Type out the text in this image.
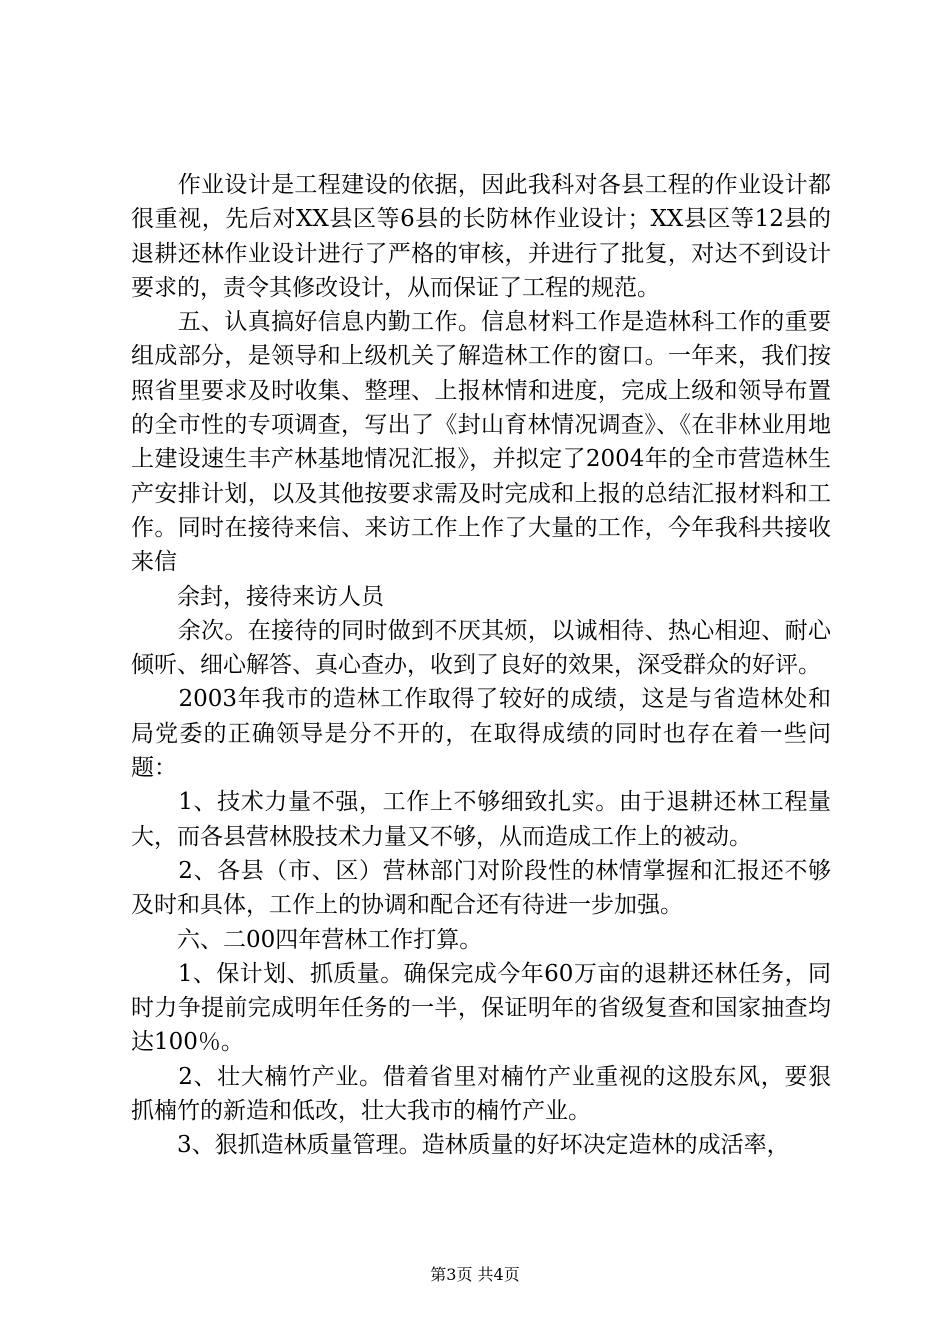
　　作业设计是工程建设的依据，因此我科对各县工程的作业设计都很重视，先后对XX县区等6县的长防林作业设计；XX县区等12县的退耕还林作业设计进行了严格的审核，并进行了批复，对达不到设计要求的，责令其修改设计，从而保证了工程的规范。

　　五、认真搞好信息内勤工作。信息材料工作是造林科工作的重要组成部分，是领导和上级机关了解造林工作的窗口。一年来，我们按照省里要求及时收集、整理、上报林情和进度，完成上级和领导布置的全市性的专项调查，写出了《封山育林情况调查》、《在非林业用地上建设速生丰产林基地情况汇报》，并拟定了2004年的全市营造林生产安排计划，以及其他按要求需及时完成和上报的总结汇报材料和工作。同时在接待来信、来访工作上作了大量的工作，今年我科共接收来信

　　余封，接待来访人员

　　余次。在接待的同时做到不厌其烦，以诚相待、热心相迎、耐心倾听、细心解答、真心查办，收到了良好的效果，深受群众的好评。

　　2003年我市的造林工作取得了较好的成绩，这是与省造林处和局党委的正确领导是分不开的，在取得成绩的同时也存在着一些问题：

　　1、技术力量不强，工作上不够细致扎实。由于退耕还林工程量大，而各县营林股技术力量又不够，从而造成工作上的被动。

　　2、各县（市、区）营林部门对阶段性的林情掌握和汇报还不够及时和具体，工作上的协调和配合还有待进一步加强。

　　六、二00四年营林工作打算。

　　1、保计划、抓质量。确保完成今年60万亩的退耕还林任务，同时力争提前完成明年任务的一半，保证明年的省级复查和国家抽查均达100％。

　　2、壮大楠竹产业。借着省里对楠竹产业重视的这股东风，要狠抓楠竹的新造和低改，壮大我市的楠竹产业。

　　3、狠抓造林质量管理。造林质量的好坏决定造林的成活率，

第3页 共4页
